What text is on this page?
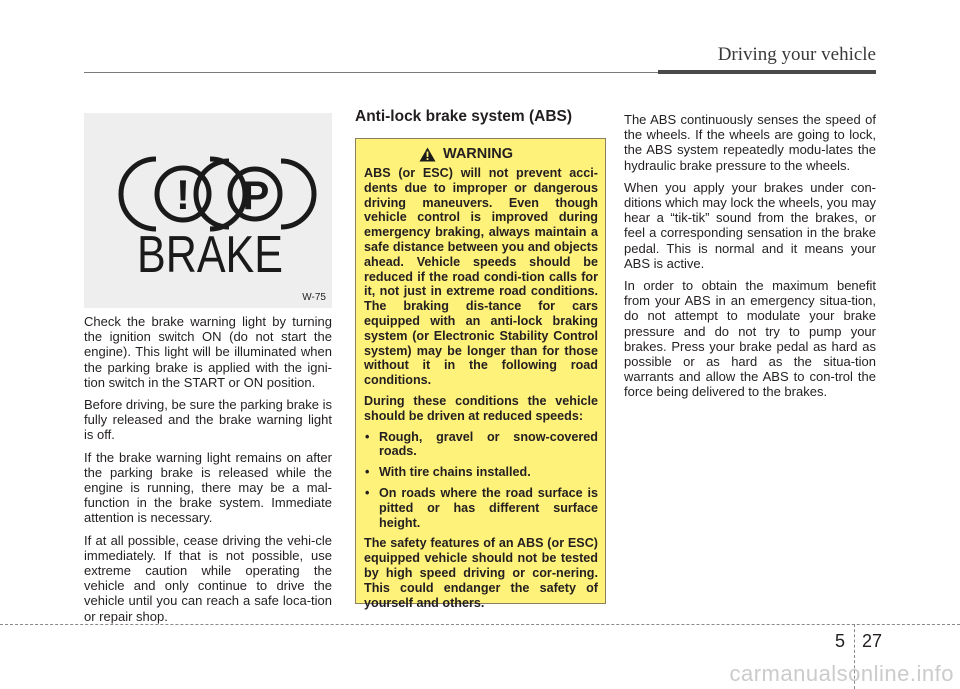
Driving your vehicle
! P
BRAKE
W-75

Check the brake warning light by turning the ignition switch ON (do not start the engine). This light will be illuminated when the parking brake is applied with the igni-tion switch in the START or ON position.

Before driving, be sure the parking brake is fully released and the brake warning light is off.

If the brake warning light remains on after the parking brake is released while the engine is running, there may be a mal-function in the brake system. Immediate attention is necessary.

If at all possible, cease driving the vehi-cle immediately. If that is not possible, use extreme caution while operating the vehicle and only continue to drive the vehicle until you can reach a safe loca-tion or repair shop.

Anti-lock brake system (ABS)
WARNING

ABS (or ESC) will not prevent acci-dents due to improper or dangerous driving maneuvers. Even though vehicle control is improved during emergency braking, always maintain a safe distance between you and objects ahead. Vehicle speeds should be reduced if the road condi-tion calls for it, not just in extreme road conditions. The braking dis-tance for cars equipped with an anti-lock braking system (or Electronic Stability Control system) may be longer than for those without it in the following road conditions.

During these conditions the vehicle should be driven at reduced speeds:

• Rough, gravel or snow-covered roads.
• With tire chains installed.
• On roads where the road surface is pitted or has different surface height.

The safety features of an ABS (or ESC) equipped vehicle should not be tested by high speed driving or cor-nering. This could endanger the safety of yourself and others.

The ABS continuously senses the speed of the wheels. If the wheels are going to lock, the ABS system repeatedly modu-lates the hydraulic brake pressure to the wheels.

When you apply your brakes under con-ditions which may lock the wheels, you may hear a “tik-tik” sound from the brakes, or feel a corresponding sensation in the brake pedal. This is normal and it means your ABS is active.

In order to obtain the maximum benefit from your ABS in an emergency situa-tion, do not attempt to modulate your brake pressure and do not try to pump your brakes. Press your brake pedal as hard as possible or as hard as the situa-tion warrants and allow the ABS to con-trol the force being delivered to the brakes.

5 27
carmanualsonline.info
